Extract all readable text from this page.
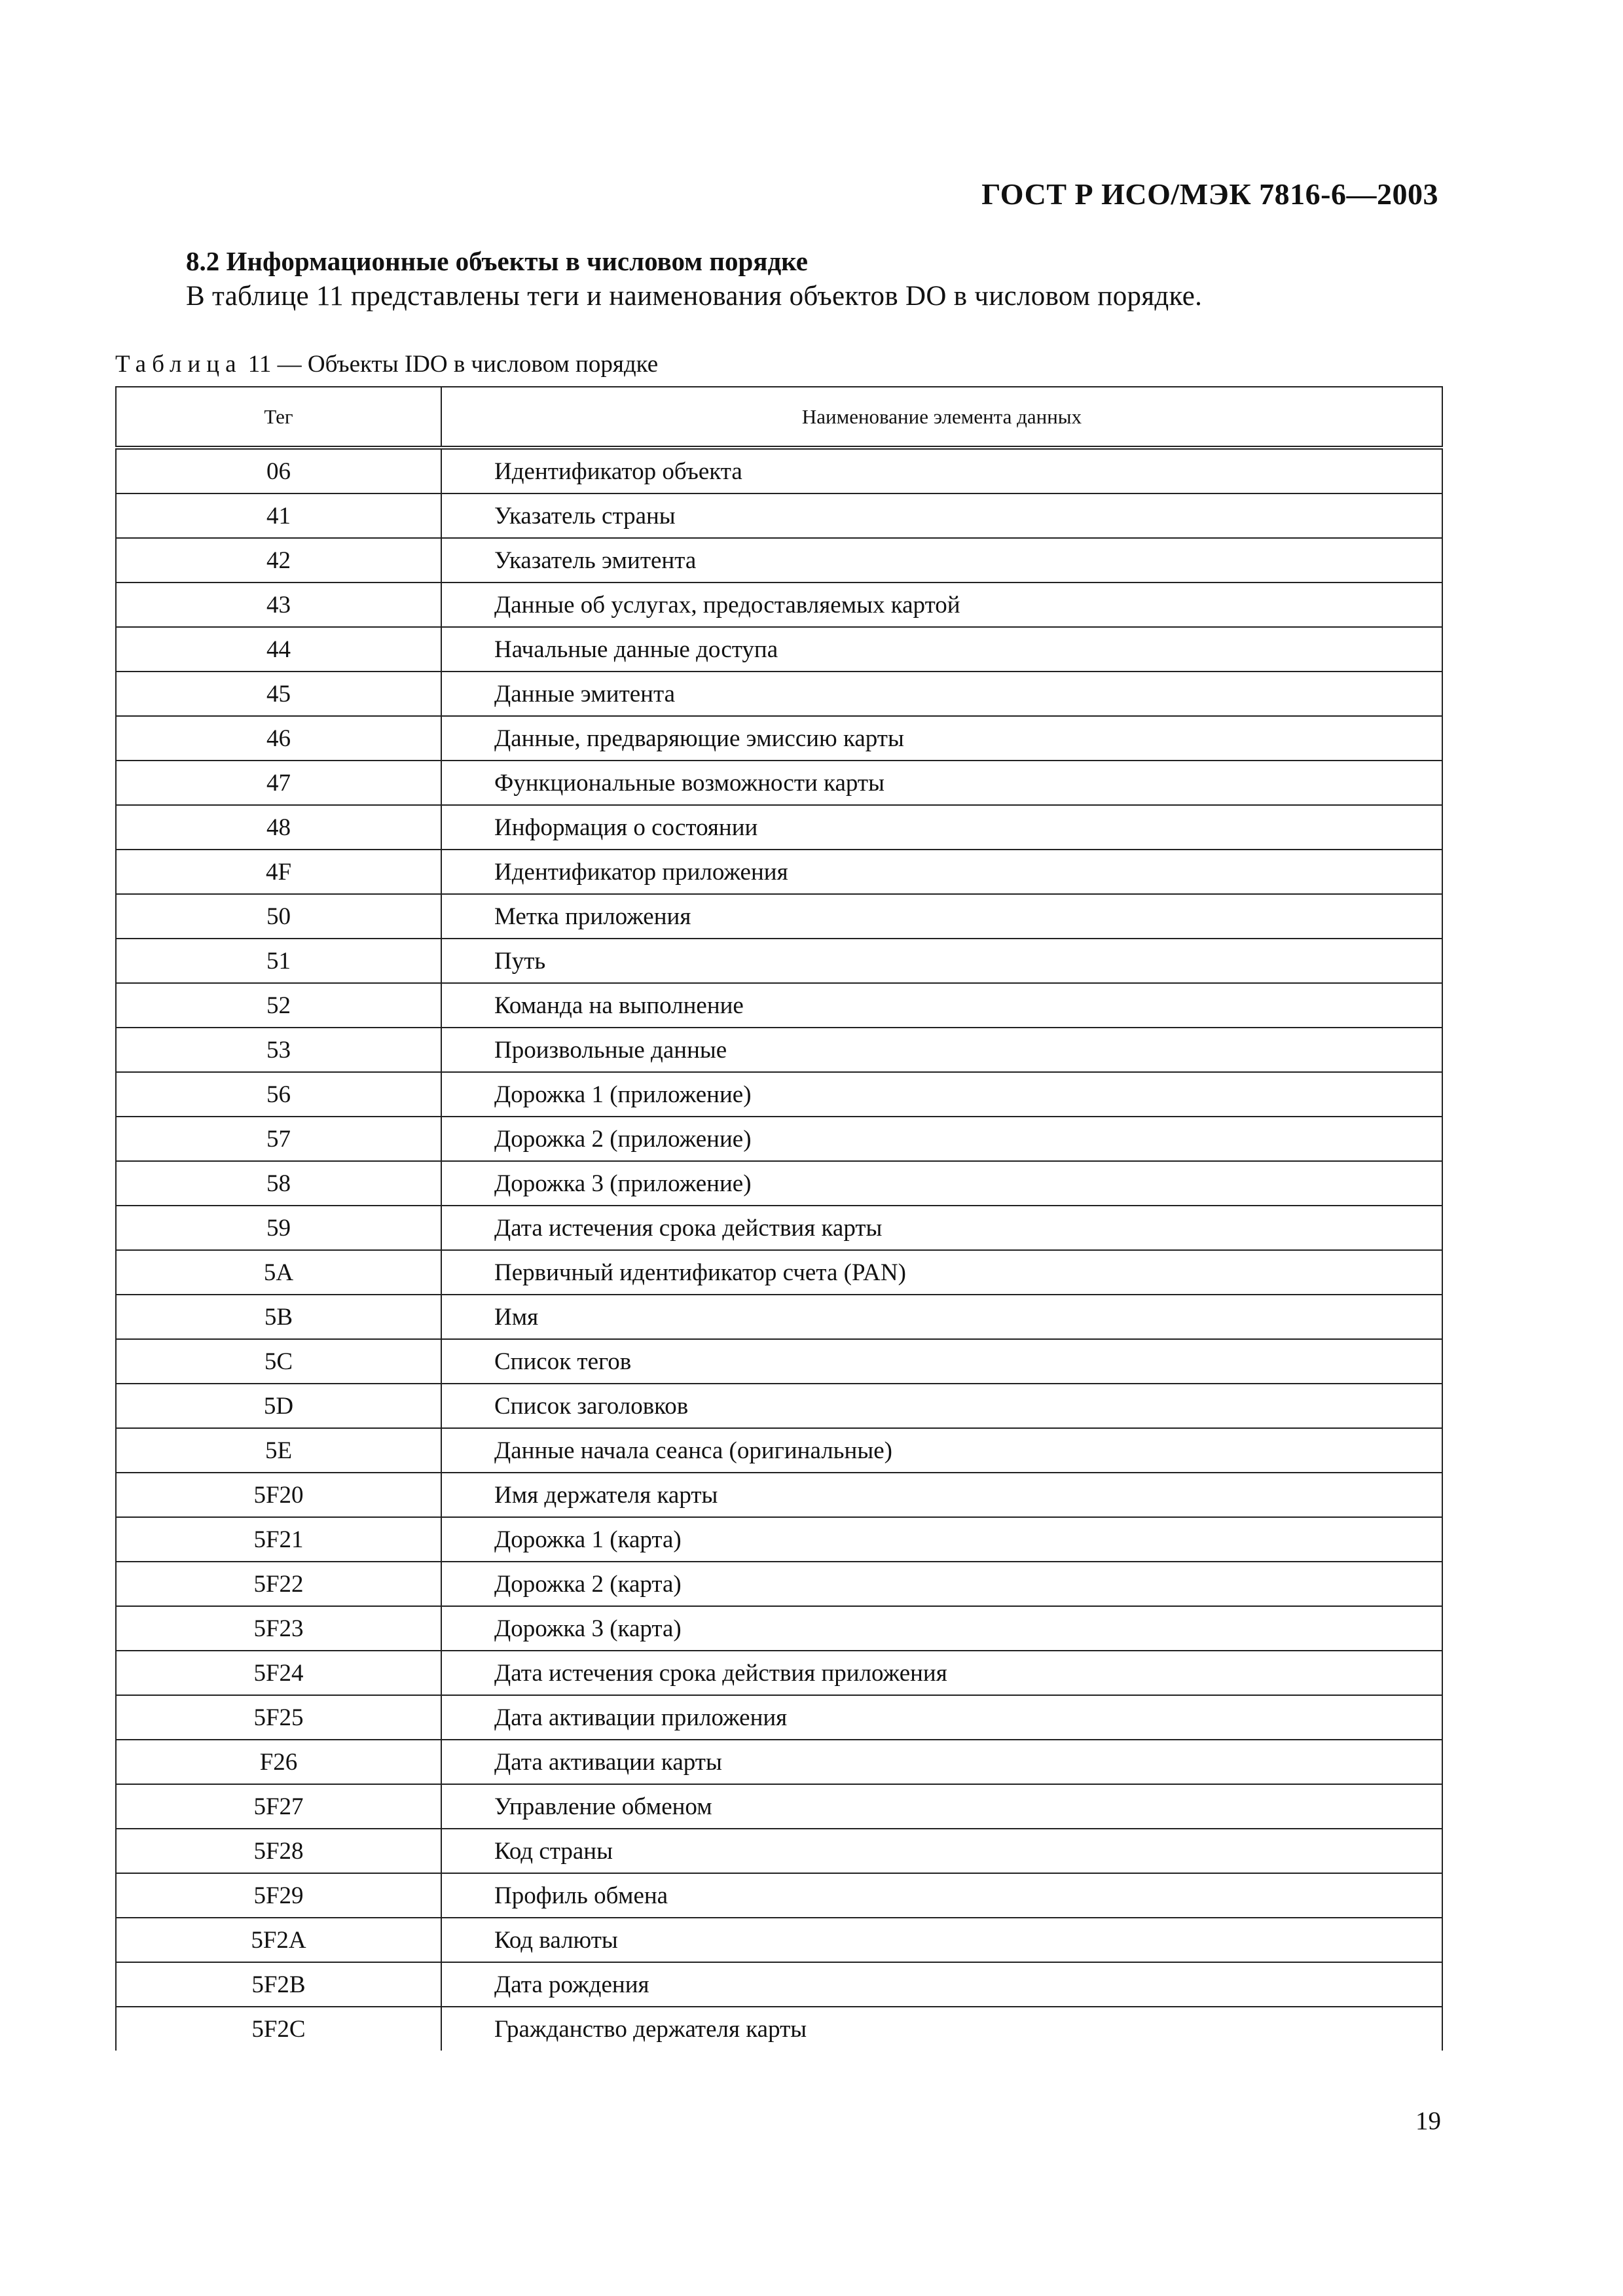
ГОСТ Р ИСО/МЭК 7816-6—2003
8.2 Информационные объекты в числовом порядке
В таблице 11 представлены теги и наименования объектов DO в числовом порядке.
Таблица 11 — Объекты IDO в числовом порядке
Тег	Наименование элемента данных
06	Идентификатор объекта
41	Указатель страны
42	Указатель эмитента
43	Данные об услугах, предоставляемых картой
44	Начальные данные доступа
45	Данные эмитента
46	Данные, предваряющие эмиссию карты
47	Функциональные возможности карты
48	Информация о состоянии
4F	Идентификатор приложения
50	Метка приложения
51	Путь
52	Команда на выполнение
53	Произвольные данные
56	Дорожка 1 (приложение)
57	Дорожка 2 (приложение)
58	Дорожка 3 (приложение)
59	Дата истечения срока действия карты
5A	Первичный идентификатор счета (PAN)
5B	Имя
5C	Список тегов
5D	Список заголовков
5E	Данные начала сеанса (оригинальные)
5F20	Имя держателя карты
5F21	Дорожка 1 (карта)
5F22	Дорожка 2 (карта)
5F23	Дорожка 3 (карта)
5F24	Дата истечения срока действия приложения
5F25	Дата активации приложения
F26	Дата активации карты
5F27	Управление обменом
5F28	Код страны
5F29	Профиль обмена
5F2A	Код валюты
5F2B	Дата рождения
5F2C	Гражданство держателя карты
19
